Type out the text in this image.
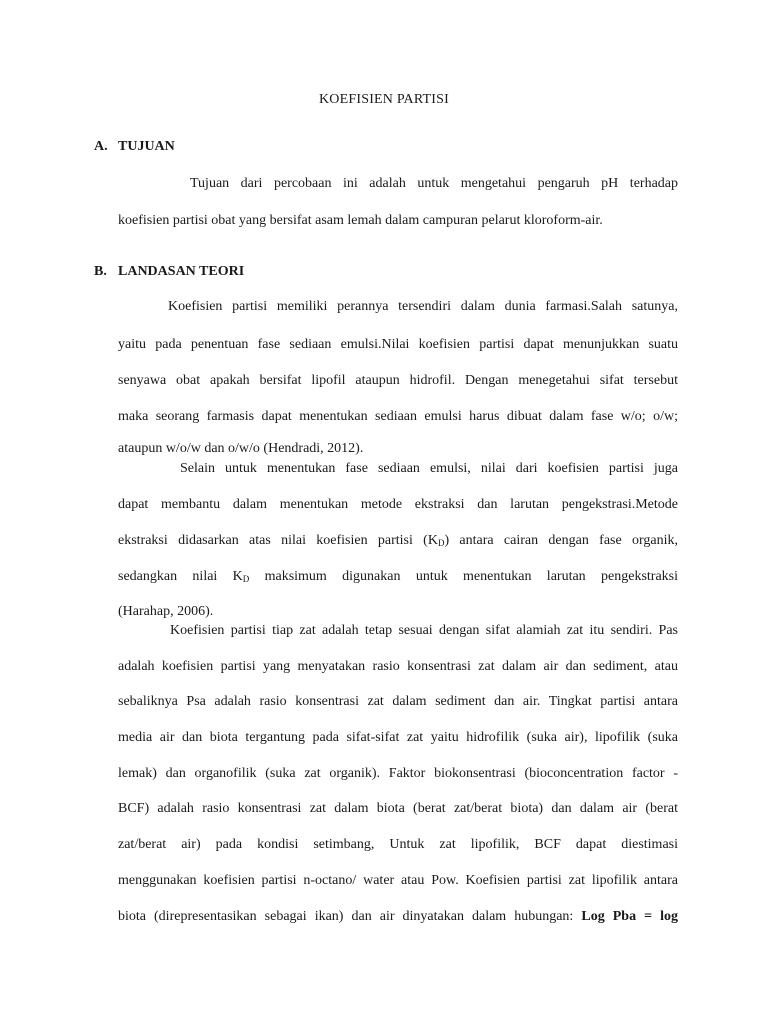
KOEFISIEN PARTISI
A. TUJUAN
Tujuan dari percobaan ini adalah untuk mengetahui pengaruh pH terhadap
koefisien partisi obat yang bersifat asam lemah dalam campuran pelarut kloroform-air.
B. LANDASAN TEORI
Koefisien partisi memiliki perannya tersendiri dalam dunia farmasi.Salah satunya,
yaitu pada penentuan fase sediaan emulsi.Nilai koefisien partisi dapat menunjukkan suatu
senyawa obat apakah bersifat lipofil ataupun hidrofil. Dengan menegetahui sifat tersebut
maka seorang farmasis dapat menentukan sediaan emulsi harus dibuat dalam fase w/o; o/w;
ataupun w/o/w dan o/w/o (Hendradi, 2012).
Selain untuk menentukan fase sediaan emulsi, nilai dari koefisien partisi juga
dapat membantu dalam menentukan metode ekstraksi dan larutan pengekstrasi.Metode
ekstraksi didasarkan atas nilai koefisien partisi $(K_D)$ antara cairan dengan fase organik,
sedangkan nilai $K_D$ maksimum digunakan untuk menentukan larutan pengekstraksi
(Harahap, 2006).
Koefisien partisi tiap zat adalah tetap sesuai dengan sifat alamiah zat itu sendiri. Pas
adalah koefisien partisi yang menyatakan rasio konsentrasi zat dalam air dan sediment, atau
sebaliknya Psa adalah rasio konsentrasi zat dalam sediment dan air. Tingkat partisi antara
media air dan biota tergantung pada sifat-sifat zat yaitu hidrofilik (suka air), lipofilik (suka
lemak) dan organofilik (suka zat organik). Faktor biokonsentrasi (bioconcentration factor -
BCF) adalah rasio konsentrasi zat dalam biota (berat zat/berat biota) dan dalam air (berat
zat/berat air) pada kondisi setimbang, Untuk zat lipofilik, BCF dapat diestimasi
menggunakan koefisien partisi n-octano/ water atau Pow. Koefisien partisi zat lipofilik antara
biota (direpresentasikan sebagai ikan) dan air dinyatakan dalam hubungan: Log Pba = log
